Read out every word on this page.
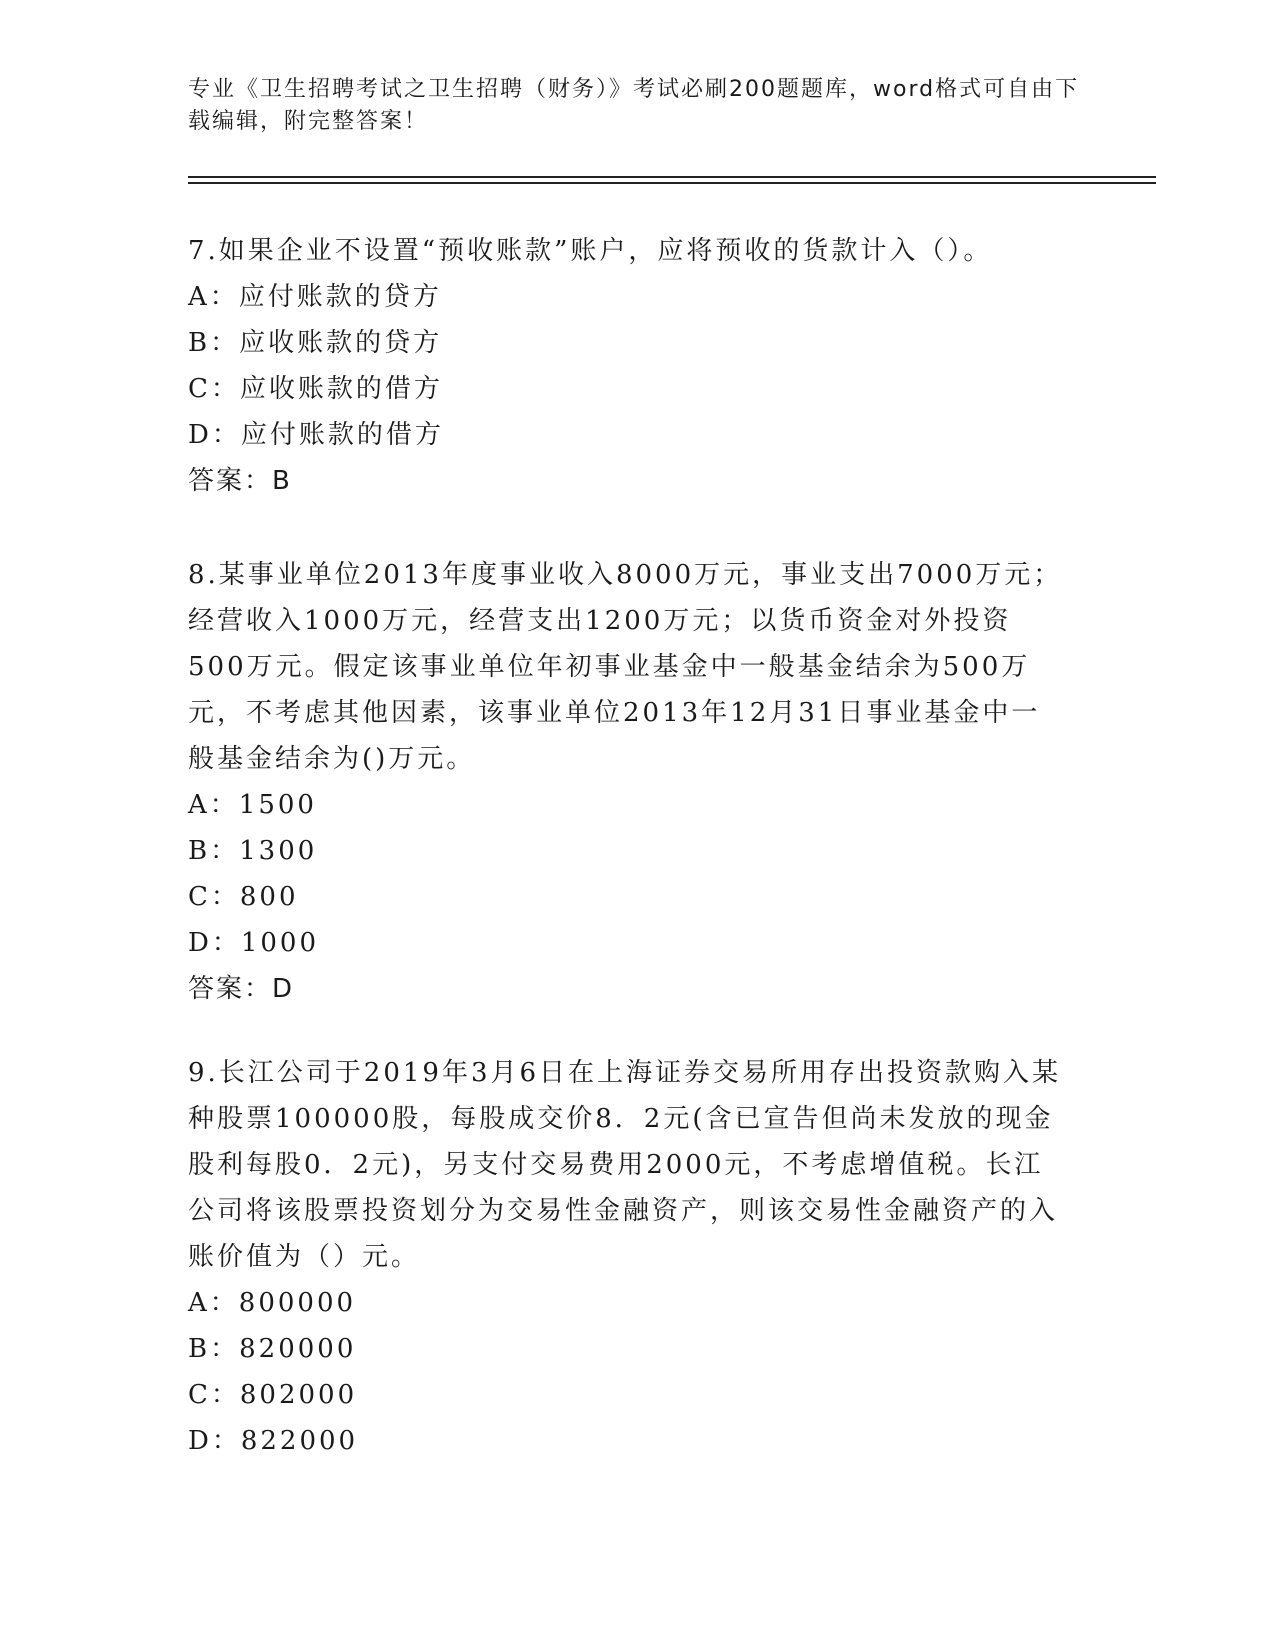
专业《卫生招聘考试之卫生招聘（财务）》考试必刷200题题库，word格式可自由下载编辑，附完整答案！

7.如果企业不设置“预收账款”账户，应将预收的货款计入（）。

A：应付账款的贷方
B：应收账款的贷方
C：应收账款的借方
D：应付账款的借方
答案：B

8.某事业单位2013年度事业收入8000万元，事业支出7000万元；经营收入1000万元，经营支出1200万元；以货币资金对外投资500万元。假定该事业单位年初事业基金中一般基金结余为500万元，不考虑其他因素，该事业单位2013年12月31日事业基金中一般基金结余为()万元。

A：1500
B：1300
C：800
D：1000
答案：D

9.长江公司于2019年3月6日在上海证券交易所用存出投资款购入某种股票100000股，每股成交价8．2元(含已宣告但尚未发放的现金股利每股0．2元)，另支付交易费用2000元，不考虑增值税。长江公司将该股票投资划分为交易性金融资产，则该交易性金融资产的入账价值为（）元。

A：800000
B：820000
C：802000
D：822000
